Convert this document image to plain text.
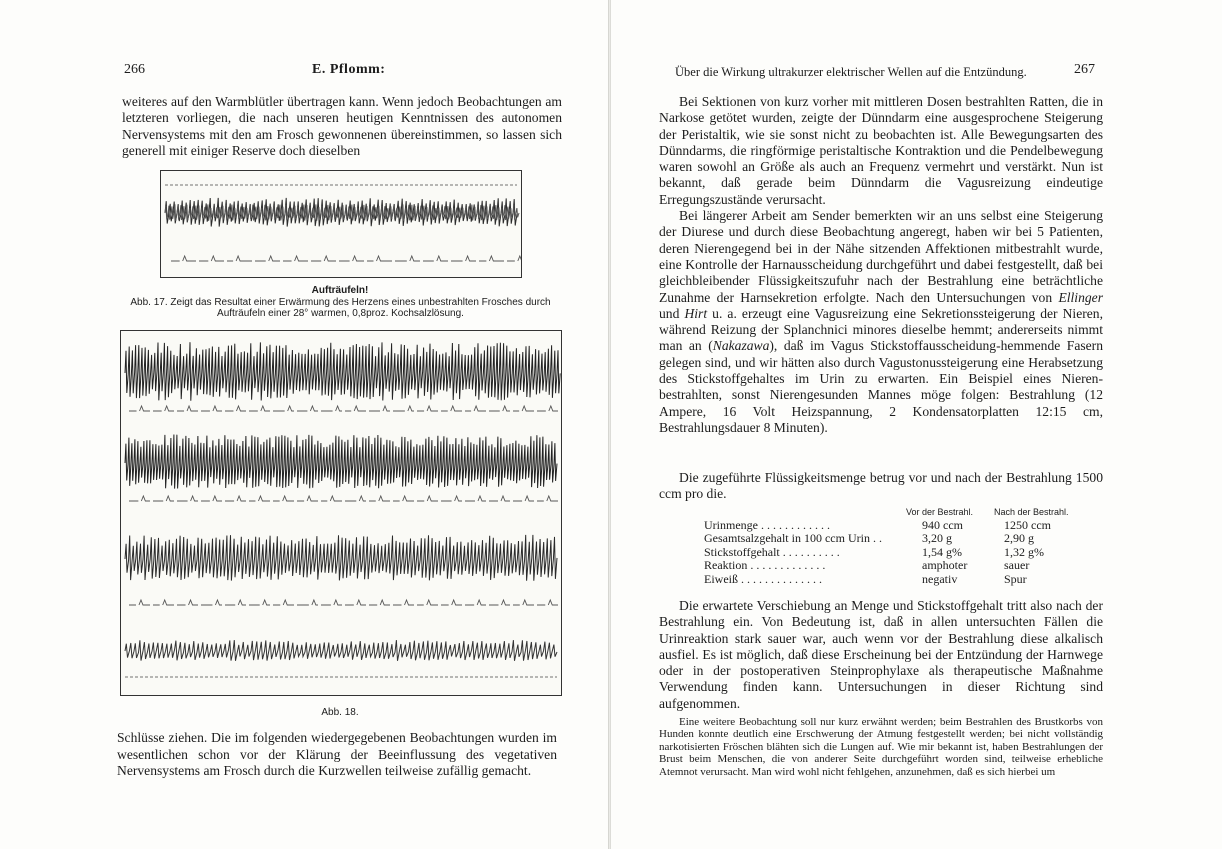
266	E. Pflomm:

weiteres auf den Warmblütler übertragen kann. Wenn jedoch Beobachtungen am letzteren vorliegen, die nach unseren heutigen Kenntnissen des autonomen Nervensystems mit den am Frosch gewonnenen übereinstimmen, so lassen sich generell mit einiger Reserve doch dieselben

Aufträufeln!
Abb. 17. Zeigt das Resultat einer Erwärmung des Herzens eines unbestrahlten Frosches durch Aufträufeln einer 28° warmen, 0,8proz. Kochsalzlösung.
Abb. 18.

Schlüsse ziehen. Die im folgenden wiedergegebenen Beobachtungen wurden im wesentlichen schon vor der Klärung der Beeinflussung des vegetativen Nervensystems am Frosch durch die Kurzwellen teilweise zufällig gemacht.

Über die Wirkung ultrakurzer elektrischer Wellen auf die Entzündung.	267

Bei Sektionen von kurz vorher mit mittleren Dosen bestrahlten Ratten, die in Narkose getötet wurden, zeigte der Dünndarm eine ausgesprochene Steigerung der Peristaltik, wie sie sonst nicht zu beobachten ist. Alle Bewegungsarten des Dünndarms, die ringförmige peristaltische Kontraktion und die Pendelbewegung waren sowohl an Größe als auch an Frequenz vermehrt und verstärkt. Nun ist bekannt, daß gerade beim Dünndarm die Vagusreizung eindeutige Erregungszustände verursacht.

Bei längerer Arbeit am Sender bemerkten wir an uns selbst eine Steigerung der Diurese und durch diese Beobachtung angeregt, haben wir bei 5 Patienten, deren Nierengegend bei in der Nähe sitzenden Affektionen mitbestrahlt wurde, eine Kontrolle der Harnausscheidung durchgeführt und dabei festgestellt, daß bei gleichbleibender Flüssigkeitszufuhr nach der Bestrahlung eine beträchtliche Zunahme der Harnsekretion erfolgte. Nach den Untersuchungen von Ellinger und Hirt u. a. erzeugt eine Vagusreizung eine Sekretionssteigerung der Nieren, während Reizung der Splanchnici minores dieselbe hemmt; andererseits nimmt man an (Nakazawa), daß im Vagus Stickstoffausscheidung-hemmende Fasern gelegen sind, und wir hätten also durch Vagustonussteigerung eine Herabsetzung des Stickstoffgehaltes im Urin zu erwarten. Ein Beispiel eines Nieren-bestrahlten, sonst Nierengesunden Mannes möge folgen: Bestrahlung (12 Ampere, 16 Volt Heizspannung, 2 Kondensatorplatten 12:15 cm, Bestrahlungsdauer 8 Minuten).

Die zugeführte Flüssigkeitsmenge betrug vor und nach der Bestrahlung 1500 ccm pro die.

Vor der Bestrahl. Nach der Bestrahl.
Urinmenge . . . . . . . . . . . .	940 ccm	1250 ccm
Gesamtsalzgehalt in 100 ccm Urin . .	3,20 g	2,90 g
Stickstoffgehalt . . . . . . . . . .	1,54 g%	1,32 g%
Reaktion . . . . . . . . . . . . .	amphoter	sauer
Eiweiß . . . . . . . . . . . . . .	negativ	Spur

Die erwartete Verschiebung an Menge und Stickstoffgehalt tritt also nach der Bestrahlung ein. Von Bedeutung ist, daß in allen untersuchten Fällen die Urinreaktion stark sauer war, auch wenn vor der Bestrahlung diese alkalisch ausfiel. Es ist möglich, daß diese Erscheinung bei der Entzündung der Harnwege oder in der postoperativen Steinprophylaxe als therapeutische Maßnahme Verwendung finden kann. Untersuchungen in dieser Richtung sind aufgenommen.

Eine weitere Beobachtung soll nur kurz erwähnt werden; beim Bestrahlen des Brustkorbs von Hunden konnte deutlich eine Erschwerung der Atmung festgestellt werden; bei nicht vollständig narkotisierten Fröschen blähten sich die Lungen auf. Wie mir bekannt ist, haben Bestrahlungen der Brust beim Menschen, die von anderer Seite durchgeführt worden sind, teilweise erhebliche Atemnot verursacht. Man wird wohl nicht fehlgehen, anzunehmen, daß es sich hierbei um
